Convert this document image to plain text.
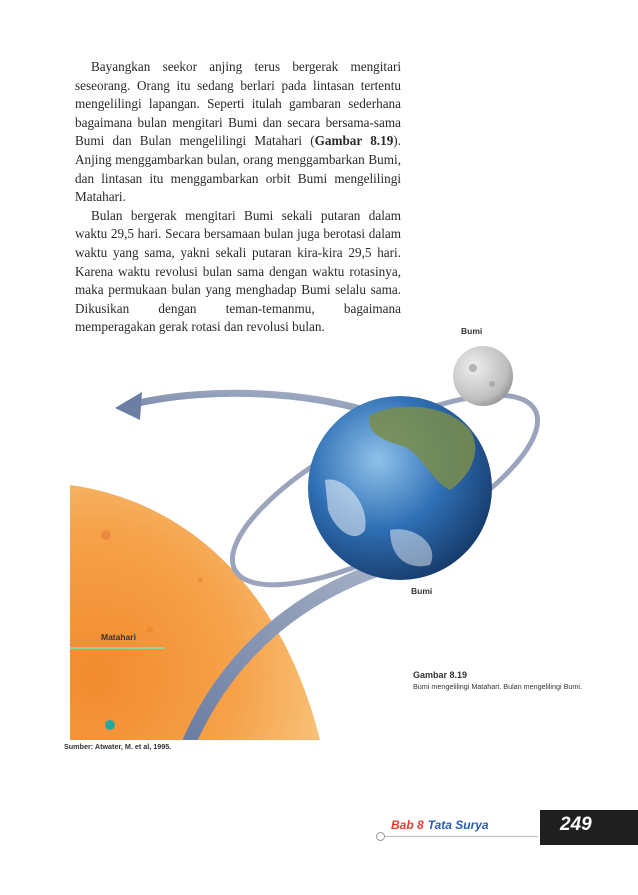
Bayangkan seekor anjing terus bergerak mengitari seseorang. Orang itu sedang berlari pada lintasan tertentu mengelilingi lapangan. Seperti itulah gambaran sederhana bagaimana bulan mengitari Bumi dan secara bersama-sama Bumi dan Bulan mengelilingi Matahari (Gambar 8.19). Anjing menggambarkan bulan, orang menggambarkan Bumi, dan lintasan itu menggambarkan orbit Bumi mengelilingi Matahari.

Bulan bergerak mengitari Bumi sekali putaran dalam waktu 29,5 hari. Secara bersamaan bulan juga berotasi dalam waktu yang sama, yakni sekali putaran kira-kira 29,5 hari. Karena waktu revolusi bulan sama dengan waktu rotasinya, maka permukaan bulan yang menghadap Bumi selalu sama. Dikusikan dengan teman-temanmu, bagaimana memperagakan gerak rotasi dan revolusi bulan.	Bumi
Bumi
Matahari
Gambar 8.19
Bumi mengelilingi Matahari. Bulan mengelilingi Bumi.
Sumber: Atwater, M. et al, 1995.
Bab 8 Tata Surya	249
